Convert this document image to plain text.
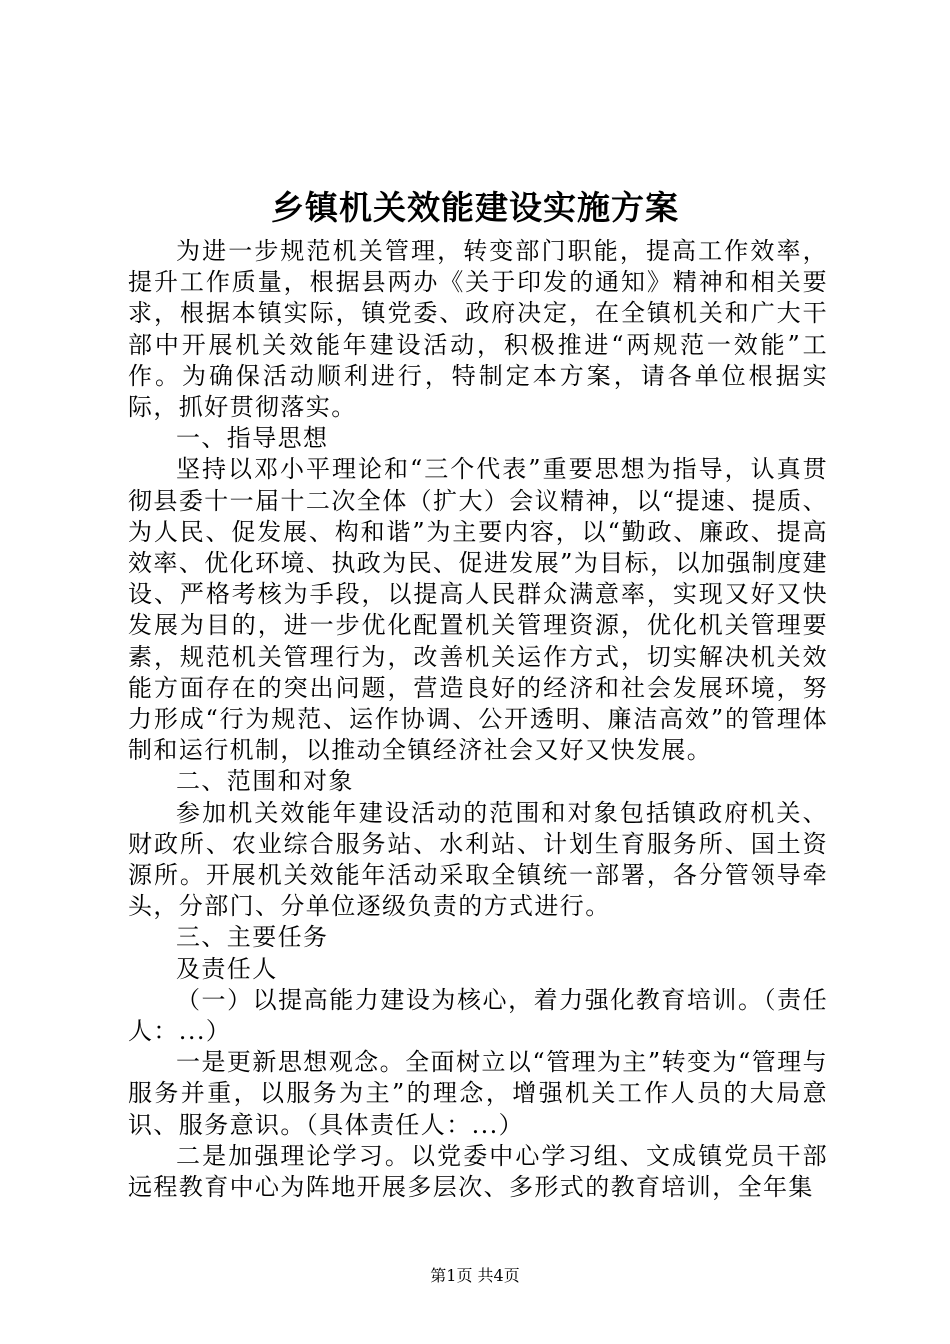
乡镇机关效能建设实施方案

为进一步规范机关管理，转变部门职能，提高工作效率，提升工作质量，根据县两办《关于印发的通知》精神和相关要求，根据本镇实际，镇党委、政府决定，在全镇机关和广大干部中开展机关效能年建设活动，积极推进“两规范一效能”工作。为确保活动顺利进行，特制定本方案，请各单位根据实际，抓好贯彻落实。

一、指导思想

坚持以邓小平理论和“三个代表”重要思想为指导，认真贯彻县委十一届十二次全体（扩大）会议精神，以“提速、提质、为人民、促发展、构和谐”为主要内容，以“勤政、廉政、提高效率、优化环境、执政为民、促进发展”为目标，以加强制度建设、严格考核为手段，以提高人民群众满意率，实现又好又快发展为目的，进一步优化配置机关管理资源，优化机关管理要素，规范机关管理行为，改善机关运作方式，切实解决机关效能方面存在的突出问题，营造良好的经济和社会发展环境，努力形成“行为规范、运作协调、公开透明、廉洁高效”的管理体制和运行机制，以推动全镇经济社会又好又快发展。

二、范围和对象

参加机关效能年建设活动的范围和对象包括镇政府机关、财政所、农业综合服务站、水利站、计划生育服务所、国土资源所。开展机关效能年活动采取全镇统一部署，各分管领导牵头，分部门、分单位逐级负责的方式进行。

三、主要任务

及责任人

（一）以提高能力建设为核心，着力强化教育培训。（责任人：...）

一是更新思想观念。全面树立以“管理为主”转变为“管理与服务并重，以服务为主”的理念，增强机关工作人员的大局意识、服务意识。（具体责任人：...）

二是加强理论学习。以党委中心学习组、文成镇党员干部远程教育中心为阵地开展多层次、多形式的教育培训，全年集

第1页 共4页
